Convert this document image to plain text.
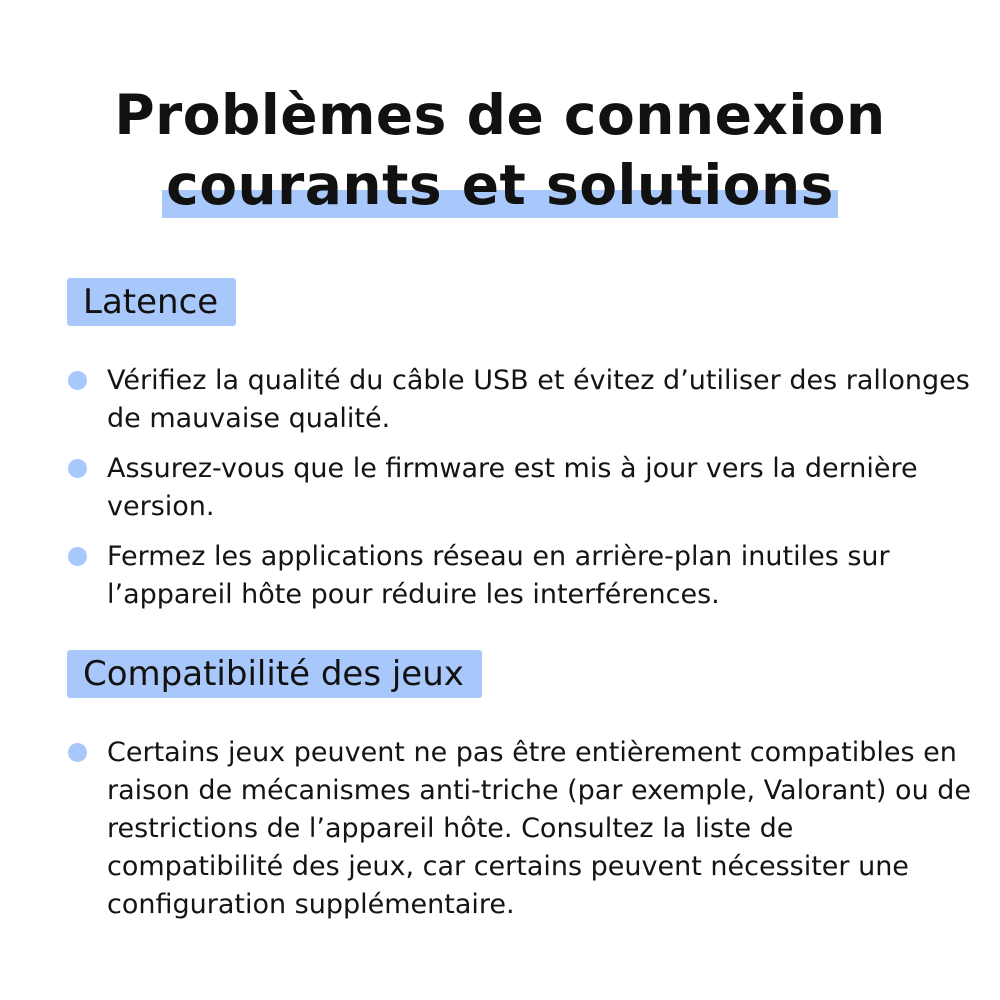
Problèmes de connexion
courants et solutions
Latence
Vérifiez la qualité du câble USB et évitez d’utiliser des rallonges de mauvaise qualité.
Assurez-vous que le firmware est mis à jour vers la dernière version.
Fermez les applications réseau en arrière-plan inutiles sur l’appareil hôte pour réduire les interférences.
Compatibilité des jeux
Certains jeux peuvent ne pas être entièrement compatibles en raison de mécanismes anti-triche (par exemple, Valorant) ou de restrictions de l’appareil hôte. Consultez la liste de compatibilité des jeux, car certains peuvent nécessiter une configuration supplémentaire.
